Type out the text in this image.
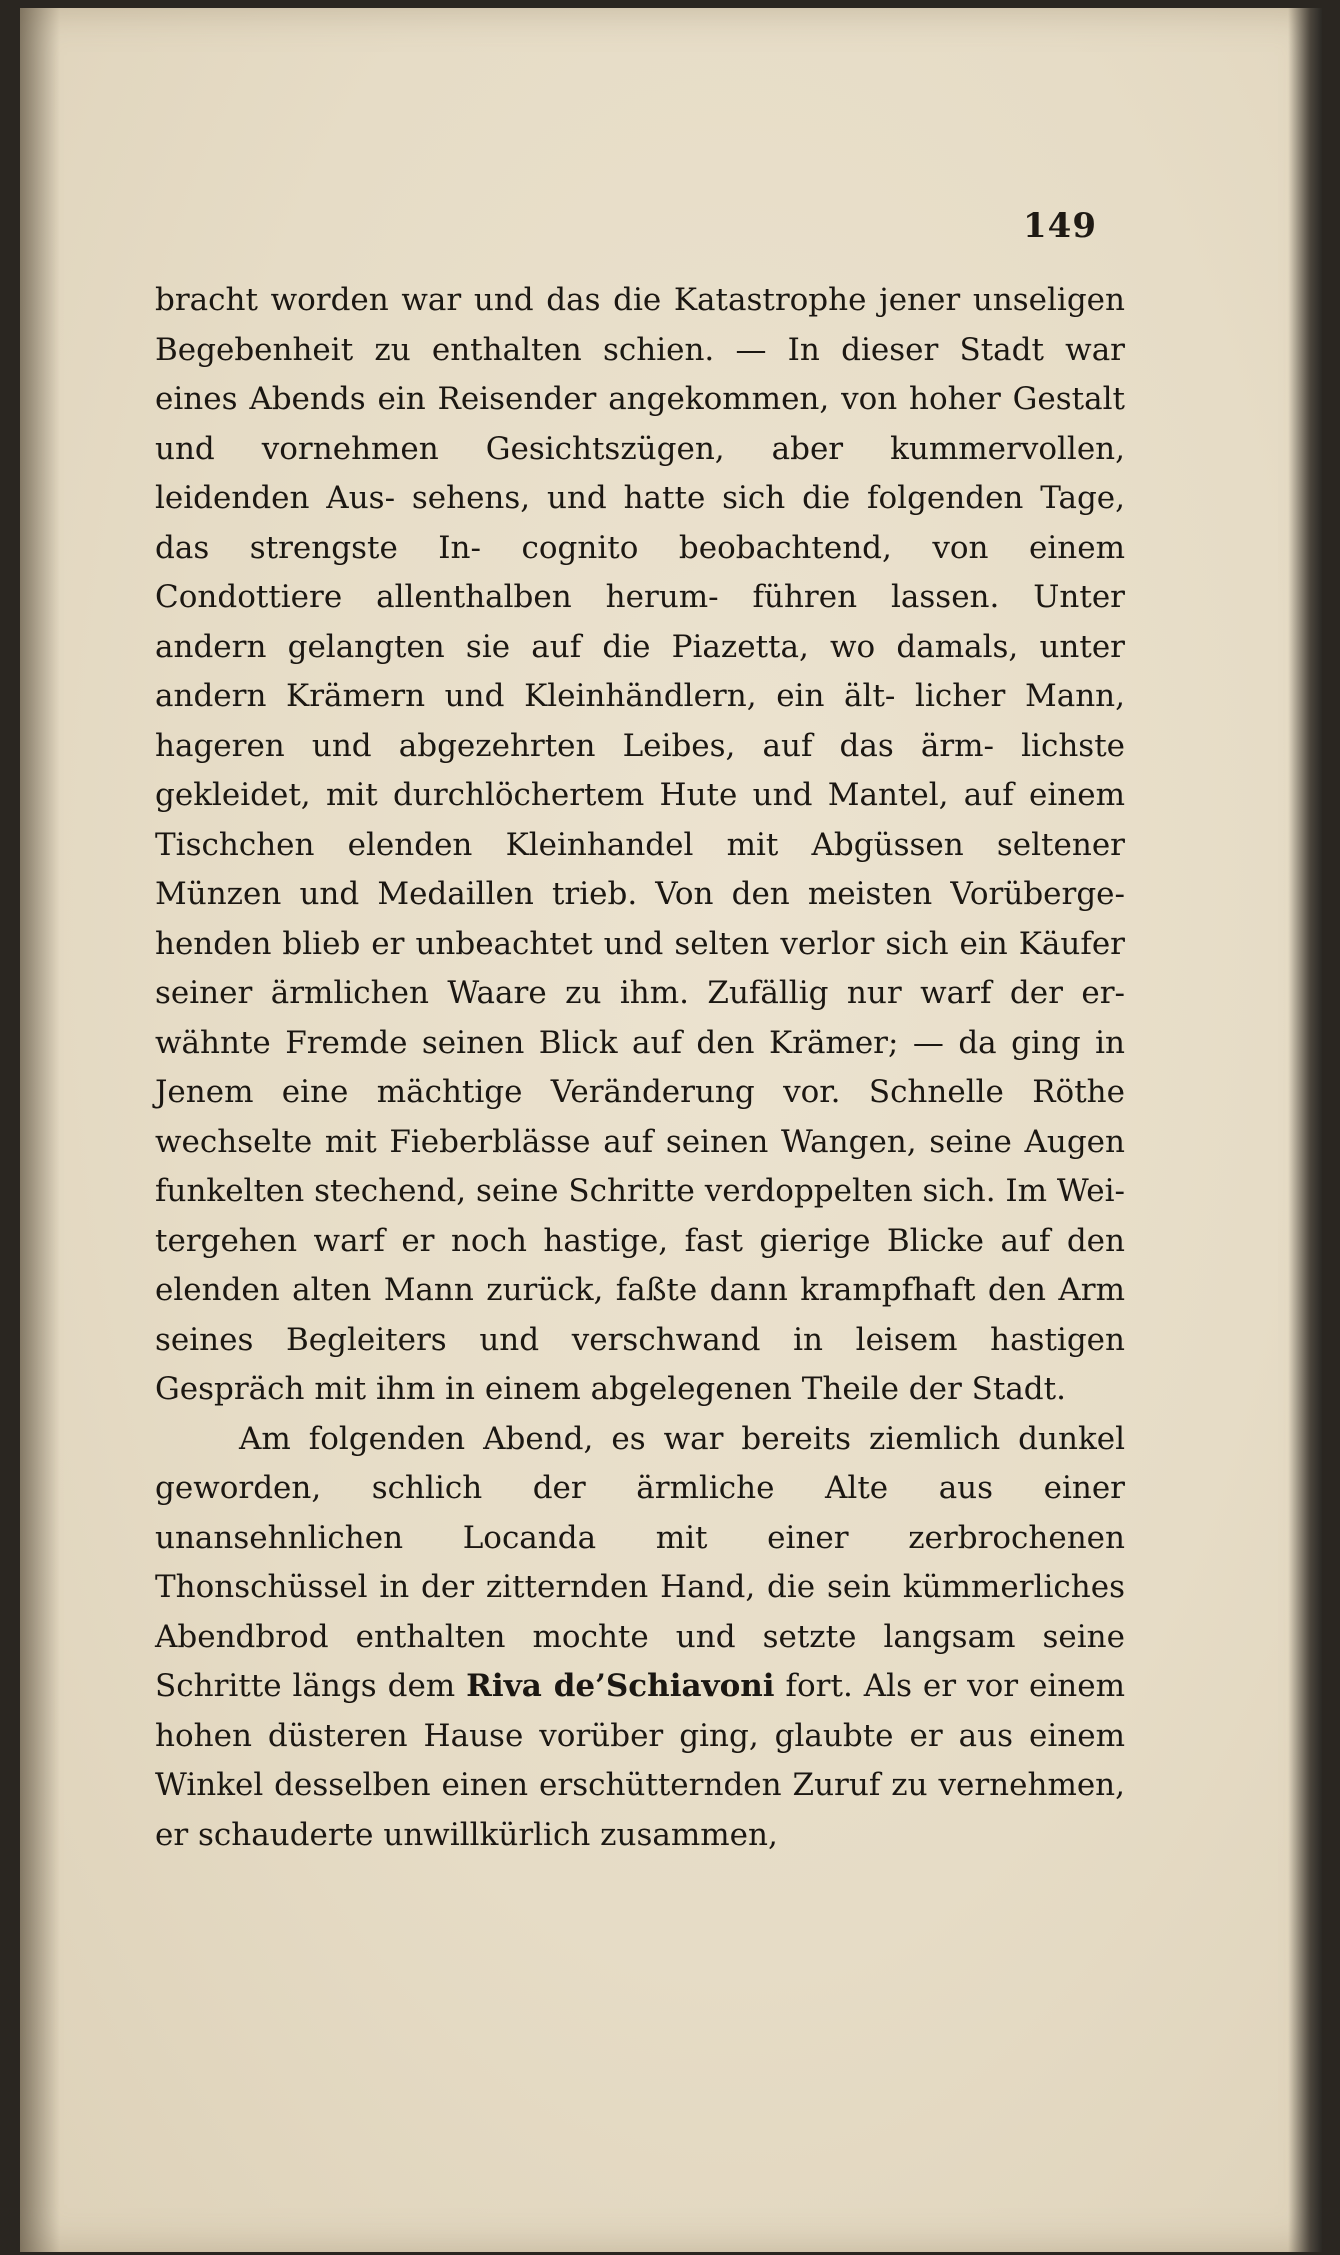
149

bracht worden war und das die Katastrophe jener unseligen Begebenheit zu enthalten schien. — In dieser Stadt war eines Abends ein Reisender angekommen, von hoher Gestalt und vornehmen Gesichtszügen, aber kummervollen, leidenden Aus- sehens, und hatte sich die folgenden Tage, das strengste In- cognito beobachtend, von einem Condottiere allenthalben herum- führen lassen. Unter andern gelangten sie auf die Piazetta, wo damals, unter andern Krämern und Kleinhändlern, ein ält- licher Mann, hageren und abgezehrten Leibes, auf das ärm- lichste gekleidet, mit durchlöchertem Hute und Mantel, auf einem Tischchen elenden Kleinhandel mit Abgüssen seltener Münzen und Medaillen trieb. Von den meisten Vorüberge- henden blieb er unbeachtet und selten verlor sich ein Käufer seiner ärmlichen Waare zu ihm. Zufällig nur warf der er- wähnte Fremde seinen Blick auf den Krämer; — da ging in Jenem eine mächtige Veränderung vor. Schnelle Röthe wechselte mit Fieberblässe auf seinen Wangen, seine Augen funkelten stechend, seine Schritte verdoppelten sich. Im Wei- tergehen warf er noch hastige, fast gierige Blicke auf den elenden alten Mann zurück, faßte dann krampfhaft den Arm seines Begleiters und verschwand in leisem hastigen Gespräch mit ihm in einem abgelegenen Theile der Stadt.

Am folgenden Abend, es war bereits ziemlich dunkel geworden, schlich der ärmliche Alte aus einer unansehnlichen Locanda mit einer zerbrochenen Thonschüssel in der zitternden Hand, die sein kümmerliches Abendbrod enthalten mochte und setzte langsam seine Schritte längs dem Riva de’Schiavoni fort. Als er vor einem hohen düsteren Hause vorüber ging, glaubte er aus einem Winkel desselben einen erschütternden Zuruf zu vernehmen, er schauderte unwillkürlich zusammen,
